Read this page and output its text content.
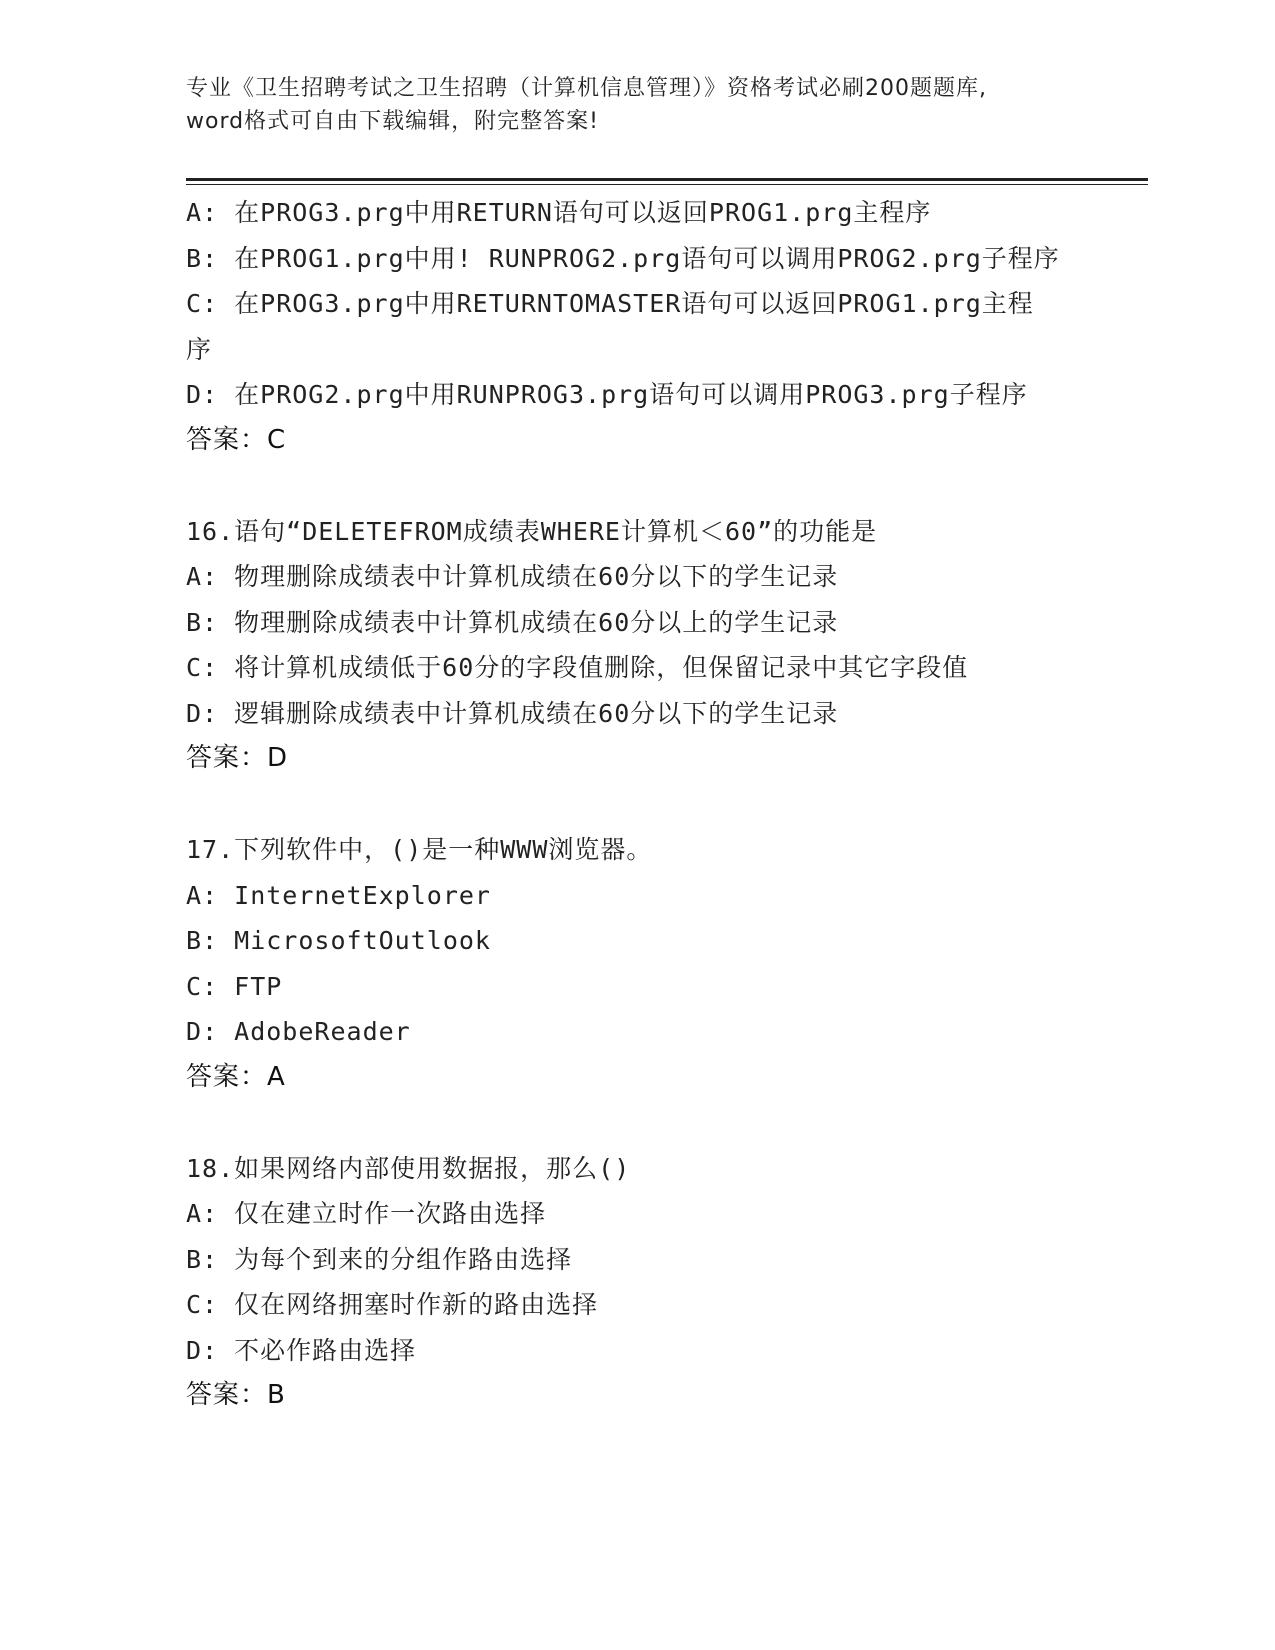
专业《卫生招聘考试之卫生招聘（计算机信息管理）》资格考试必刷200题题库,
word格式可自由下载编辑，附完整答案!
A: 在PROG3.prg中用RETURN语句可以返回PROG1.prg主程序
B: 在PROG1.prg中用! RUNPROG2.prg语句可以调用PROG2.prg子程序
C: 在PROG3.prg中用RETURNTOMASTER语句可以返回PROG1.prg主程序
D: 在PROG2.prg中用RUNPROG3.prg语句可以调用PROG3.prg子程序
答案：C
16.语句“DELETEFROM成绩表WHERE计算机＜60”的功能是
A: 物理删除成绩表中计算机成绩在60分以下的学生记录
B: 物理删除成绩表中计算机成绩在60分以上的学生记录
C: 将计算机成绩低于60分的字段值删除，但保留记录中其它字段值
D: 逻辑删除成绩表中计算机成绩在60分以下的学生记录
答案：D
17.下列软件中，()是一种WWW浏览器。
A: InternetExplorer
B: MicrosoftOutlook
C: FTP
D: AdobeReader
答案：A
18.如果网络内部使用数据报，那么()
A: 仅在建立时作一次路由选择
B: 为每个到来的分组作路由选择
C: 仅在网络拥塞时作新的路由选择
D: 不必作路由选择
答案：B
